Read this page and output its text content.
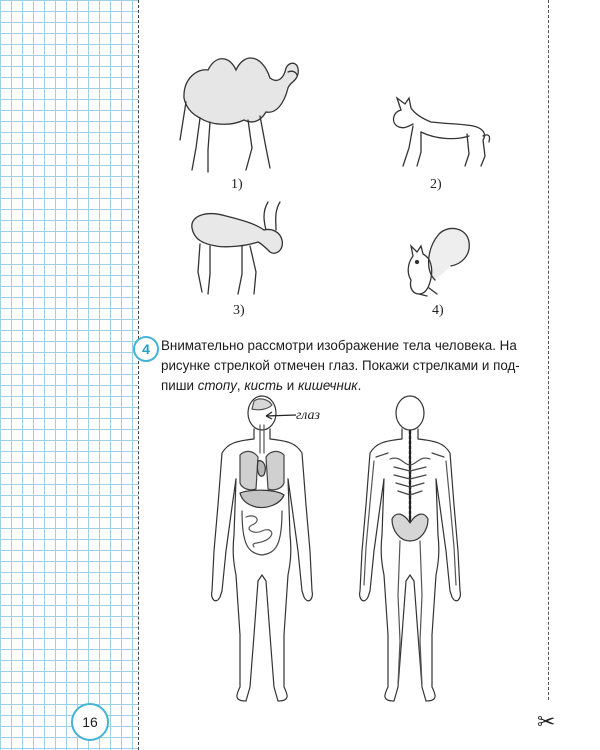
1)	2)
3)	4)
4 Внимательно рассмотри изображение тела человека. На
рисунке стрелкой отмечен глаз. Покажи стрелками и под-
пиши стопу, кисть и кишечник.
глаз
✂
16
